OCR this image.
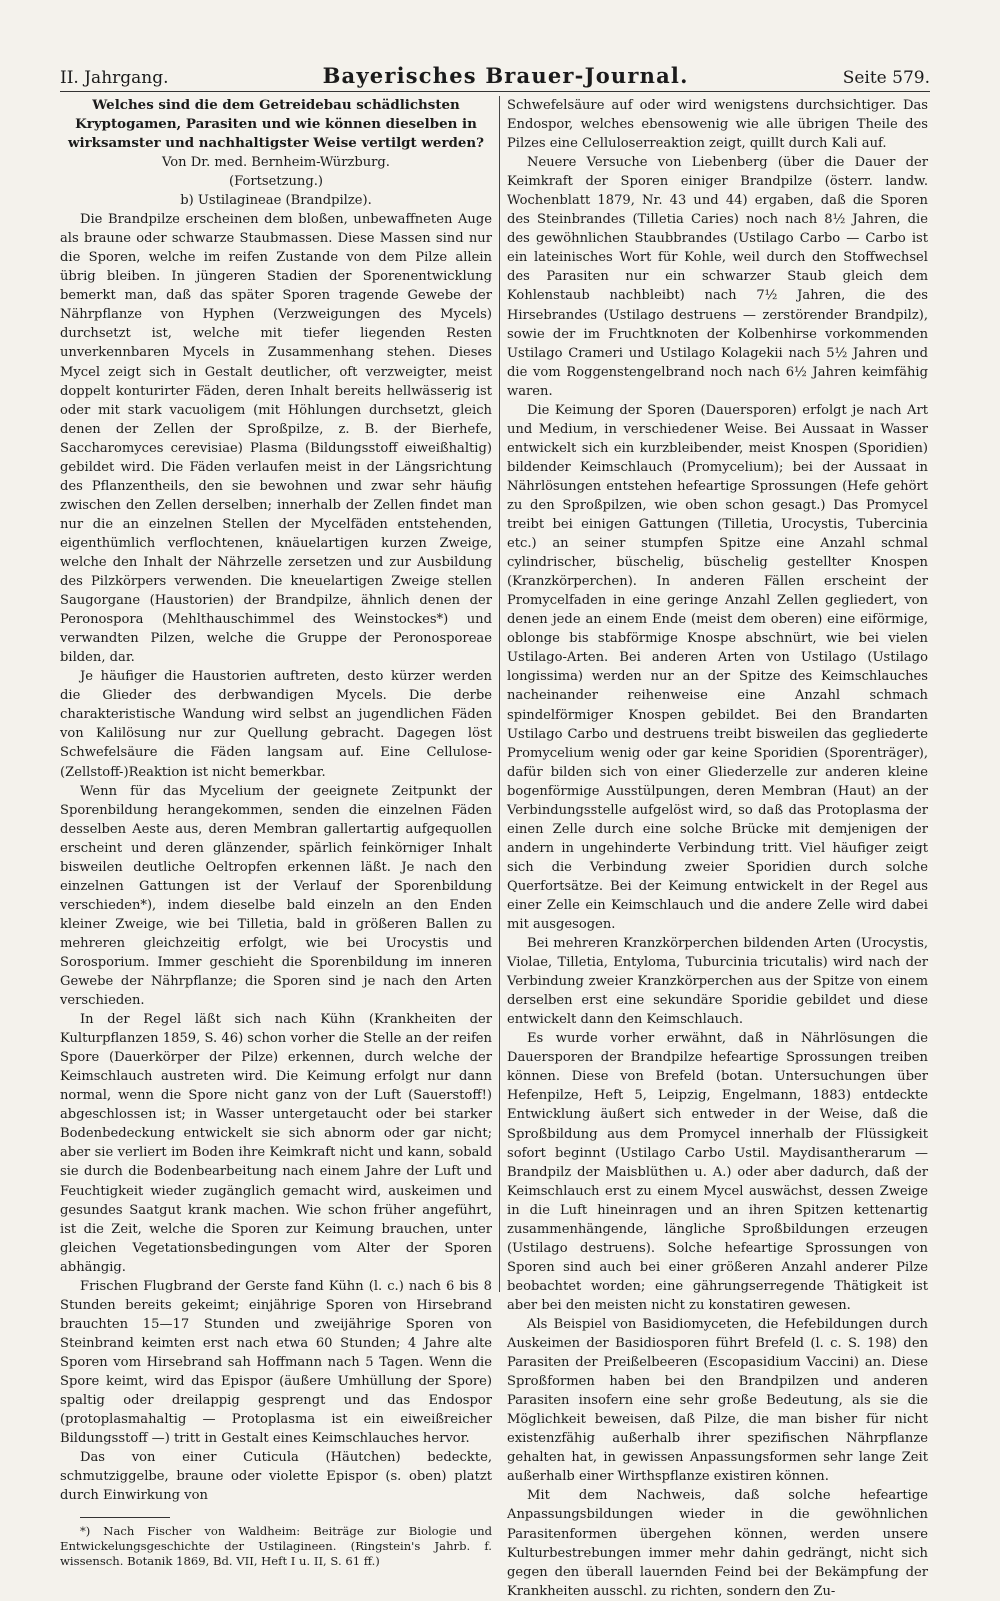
II. Jahrgang.	Bayerisches Brauer-Journal.	Seite 579.

Welches sind die dem Getreidebau schädlichsten Kryptogamen, Parasiten und wie können dieselben in wirksamster und nachhaltigster Weise vertilgt werden?

Von Dr. med. Bernheim-Würzburg.

(Fortsetzung.)

b) Ustilagineae (Brandpilze).

Die Brandpilze erscheinen dem bloßen, unbewaffneten Auge als braune oder schwarze Staubmassen. Diese Massen sind nur die Sporen, welche im reifen Zustande von dem Pilze allein übrig bleiben. In jüngeren Stadien der Sporenentwicklung bemerkt man, daß das später Sporen tragende Gewebe der Nährpflanze von Hyphen (Verzweigungen des Mycels) durchsetzt ist, welche mit tiefer liegenden Resten unverkennbaren Mycels in Zusammenhang stehen. Dieses Mycel zeigt sich in Gestalt deutlicher, oft verzweigter, meist doppelt konturirter Fäden, deren Inhalt bereits hellwässerig ist oder mit stark vacuoligem (mit Höhlungen durchsetzt, gleich denen der Zellen der Sproßpilze, z. B. der Bierhefe, Saccharomyces cerevisiae) Plasma (Bildungsstoff eiweißhaltig) gebildet wird. Die Fäden verlaufen meist in der Längsrichtung des Pflanzentheils, den sie bewohnen und zwar sehr häufig zwischen den Zellen derselben; innerhalb der Zellen findet man nur die an einzelnen Stellen der Mycelfäden entstehenden, eigenthümlich verflochtenen, knäuelartigen kurzen Zweige, welche den Inhalt der Nährzelle zersetzen und zur Ausbildung des Pilzkörpers verwenden. Die kneuelartigen Zweige stellen Saugorgane (Haustorien) der Brandpilze, ähnlich denen der Peronospora (Mehlthauschimmel des Weinstockes*) und verwandten Pilzen, welche die Gruppe der Peronosporeae bilden, dar.

Je häufiger die Haustorien auftreten, desto kürzer werden die Glieder des derbwandigen Mycels. Die derbe charakteristische Wandung wird selbst an jugendlichen Fäden von Kalilösung nur zur Quellung gebracht. Dagegen löst Schwefelsäure die Fäden langsam auf. Eine Cellulose-(Zellstoff-)Reaktion ist nicht bemerkbar.

Wenn für das Mycelium der geeignete Zeitpunkt der Sporenbildung herangekommen, senden die einzelnen Fäden desselben Aeste aus, deren Membran gallertartig aufgequollen erscheint und deren glänzender, spärlich feinkörniger Inhalt bisweilen deutliche Oeltropfen erkennen läßt. Je nach den einzelnen Gattungen ist der Verlauf der Sporenbildung verschieden*), indem dieselbe bald einzeln an den Enden kleiner Zweige, wie bei Tilletia, bald in größeren Ballen zu mehreren gleichzeitig erfolgt, wie bei Urocystis und Sorosporium. Immer geschieht die Sporenbildung im inneren Gewebe der Nährpflanze; die Sporen sind je nach den Arten verschieden.

In der Regel läßt sich nach Kühn (Krankheiten der Kulturpflanzen 1859, S. 46) schon vorher die Stelle an der reifen Spore (Dauerkörper der Pilze) erkennen, durch welche der Keimschlauch austreten wird. Die Keimung erfolgt nur dann normal, wenn die Spore nicht ganz von der Luft (Sauerstoff!) abgeschlossen ist; in Wasser untergetaucht oder bei starker Bodenbedeckung entwickelt sie sich abnorm oder gar nicht; aber sie verliert im Boden ihre Keimkraft nicht und kann, sobald sie durch die Bodenbearbeitung nach einem Jahre der Luft und Feuchtigkeit wieder zugänglich gemacht wird, auskeimen und gesundes Saatgut krank machen. Wie schon früher angeführt, ist die Zeit, welche die Sporen zur Keimung brauchen, unter gleichen Vegetationsbedingungen vom Alter der Sporen abhängig.

Frischen Flugbrand der Gerste fand Kühn (l. c.) nach 6 bis 8 Stunden bereits gekeimt; einjährige Sporen von Hirsebrand brauchten 15—17 Stunden und zweijährige Sporen von Steinbrand keimten erst nach etwa 60 Stunden; 4 Jahre alte Sporen vom Hirsebrand sah Hoffmann nach 5 Tagen. Wenn die Spore keimt, wird das Epispor (äußere Umhüllung der Spore) spaltig oder dreilappig gesprengt und das Endospor (protoplasmahaltig — Protoplasma ist ein eiweißreicher Bildungsstoff —) tritt in Gestalt eines Keimschlauches hervor.

Das von einer Cuticula (Häutchen) bedeckte, schmutziggelbe, braune oder violette Epispor (s. oben) platzt durch Einwirkung von

*) Nach Fischer von Waldheim: Beiträge zur Biologie und Entwickelungsgeschichte der Ustilagineen. (Ringstein's Jahrb. f. wissensch. Botanik 1869, Bd. VII, Heft I u. II, S. 61 ff.)

Schwefelsäure auf oder wird wenigstens durchsichtiger. Das Endospor, welches ebensowenig wie alle übrigen Theile des Pilzes eine Celluloserreaktion zeigt, quillt durch Kali auf.

Neuere Versuche von Liebenberg (über die Dauer der Keimkraft der Sporen einiger Brandpilze (österr. landw. Wochenblatt 1879, Nr. 43 und 44) ergaben, daß die Sporen des Steinbrandes (Tilletia Caries) noch nach 8½ Jahren, die des gewöhnlichen Staubbrandes (Ustilago Carbo — Carbo ist ein lateinisches Wort für Kohle, weil durch den Stoffwechsel des Parasiten nur ein schwarzer Staub gleich dem Kohlenstaub nachbleibt) nach 7½ Jahren, die des Hirsebrandes (Ustilago destruens — zerstörender Brandpilz), sowie der im Fruchtknoten der Kolbenhirse vorkommenden Ustilago Crameri und Ustilago Kolagekii nach 5½ Jahren und die vom Roggenstengelbrand noch nach 6½ Jahren keimfähig waren.

Die Keimung der Sporen (Dauersporen) erfolgt je nach Art und Medium, in verschiedener Weise. Bei Aussaat in Wasser entwickelt sich ein kurzbleibender, meist Knospen (Sporidien) bildender Keimschlauch (Promycelium); bei der Aussaat in Nährlösungen entstehen hefeartige Sprossungen (Hefe gehört zu den Sproßpilzen, wie oben schon gesagt.) Das Promycel treibt bei einigen Gattungen (Tilletia, Urocystis, Tubercinia etc.) an seiner stumpfen Spitze eine Anzahl schmal cylindrischer, büschelig, büschelig gestellter Knospen (Kranzkörperchen). In anderen Fällen erscheint der Promycelfaden in eine geringe Anzahl Zellen gegliedert, von denen jede an einem Ende (meist dem oberen) eine eiförmige, oblonge bis stabförmige Knospe abschnürt, wie bei vielen Ustilago-Arten. Bei anderen Arten von Ustilago (Ustilago longissima) werden nur an der Spitze des Keimschlauches nacheinander reihenweise eine Anzahl schmach spindelförmiger Knospen gebildet. Bei den Brandarten Ustilago Carbo und destruens treibt bisweilen das gegliederte Promycelium wenig oder gar keine Sporidien (Sporenträger), dafür bilden sich von einer Gliederzelle zur anderen kleine bogenförmige Ausstülpungen, deren Membran (Haut) an der Verbindungsstelle aufgelöst wird, so daß das Protoplasma der einen Zelle durch eine solche Brücke mit demjenigen der andern in ungehinderte Verbindung tritt. Viel häufiger zeigt sich die Verbindung zweier Sporidien durch solche Querfortsätze. Bei der Keimung entwickelt in der Regel aus einer Zelle ein Keimschlauch und die andere Zelle wird dabei mit ausgesogen.

Bei mehreren Kranzkörperchen bildenden Arten (Urocystis, Violae, Tilletia, Entyloma, Tuburcinia tricutalis) wird nach der Verbindung zweier Kranzkörperchen aus der Spitze von einem derselben erst eine sekundäre Sporidie gebildet und diese entwickelt dann den Keimschlauch.

Es wurde vorher erwähnt, daß in Nährlösungen die Dauersporen der Brandpilze hefeartige Sprossungen treiben können. Diese von Brefeld (botan. Untersuchungen über Hefenpilze, Heft 5, Leipzig, Engelmann, 1883) entdeckte Entwicklung äußert sich entweder in der Weise, daß die Sproßbildung aus dem Promycel innerhalb der Flüssigkeit sofort beginnt (Ustilago Carbo Ustil. Maydisantherarum — Brandpilz der Maisblüthen u. A.) oder aber dadurch, daß der Keimschlauch erst zu einem Mycel auswächst, dessen Zweige in die Luft hineinragen und an ihren Spitzen kettenartig zusammenhängende, längliche Sproßbildungen erzeugen (Ustilago destruens). Solche hefeartige Sprossungen von Sporen sind auch bei einer größeren Anzahl anderer Pilze beobachtet worden; eine gährungserregende Thätigkeit ist aber bei den meisten nicht zu konstatiren gewesen.

Als Beispiel von Basidiomyceten, die Hefebildungen durch Auskeimen der Basidiosporen führt Brefeld (l. c. S. 198) den Parasiten der Preißelbeeren (Escopasidium Vaccini) an. Diese Sproßformen haben bei den Brandpilzen und anderen Parasiten insofern eine sehr große Bedeutung, als sie die Möglichkeit beweisen, daß Pilze, die man bisher für nicht existenzfähig außerhalb ihrer spezifischen Nährpflanze gehalten hat, in gewissen Anpassungsformen sehr lange Zeit außerhalb einer Wirthspflanze existiren können.

Mit dem Nachweis, daß solche hefeartige Anpassungsbildungen wieder in die gewöhnlichen Parasitenformen übergehen können, werden unsere Kulturbestrebungen immer mehr dahin gedrängt, nicht sich gegen den überall lauernden Feind bei der Bekämpfung der Krankheiten ausschl. zu richten, sondern den Zu-
